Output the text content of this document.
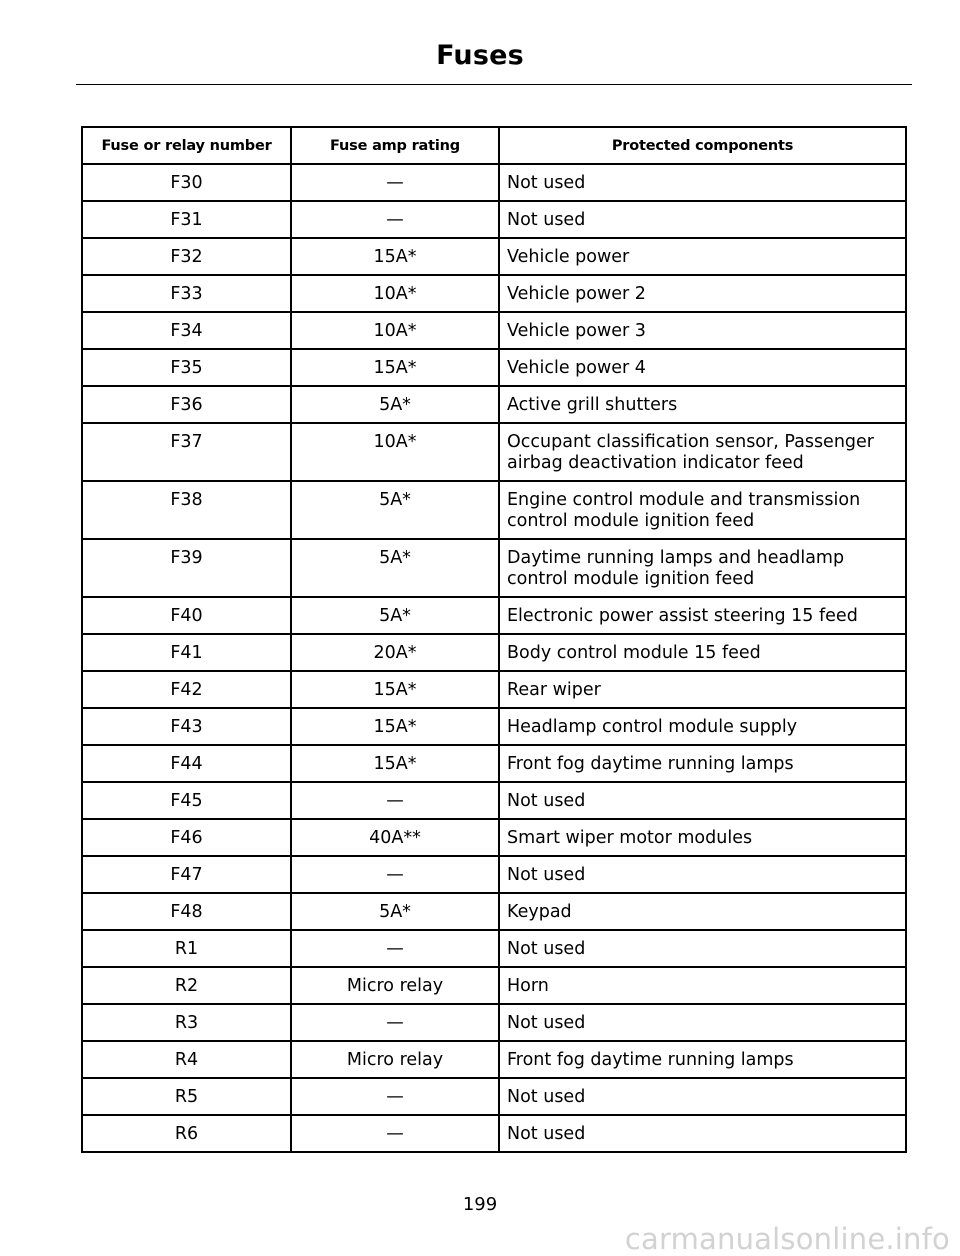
Fuses
Fuse or relay number	Fuse amp rating	Protected components
F30	—	Not used
F31	—	Not used
F32	15A*	Vehicle power
F33	10A*	Vehicle power 2
F34	10A*	Vehicle power 3
F35	15A*	Vehicle power 4
F36	5A*	Active grill shutters
F37	10A*	Occupant classification sensor, Passenger airbag deactivation indicator feed
F38	5A*	Engine control module and transmission control module ignition feed
F39	5A*	Daytime running lamps and headlamp control module ignition feed
F40	5A*	Electronic power assist steering 15 feed
F41	20A*	Body control module 15 feed
F42	15A*	Rear wiper
F43	15A*	Headlamp control module supply
F44	15A*	Front fog daytime running lamps
F45	—	Not used
F46	40A**	Smart wiper motor modules
F47	—	Not used
F48	5A*	Keypad
R1	—	Not used
R2	Micro relay	Horn
R3	—	Not used
R4	Micro relay	Front fog daytime running lamps
R5	—	Not used
R6	—	Not used
199
carmanualsonline.info
